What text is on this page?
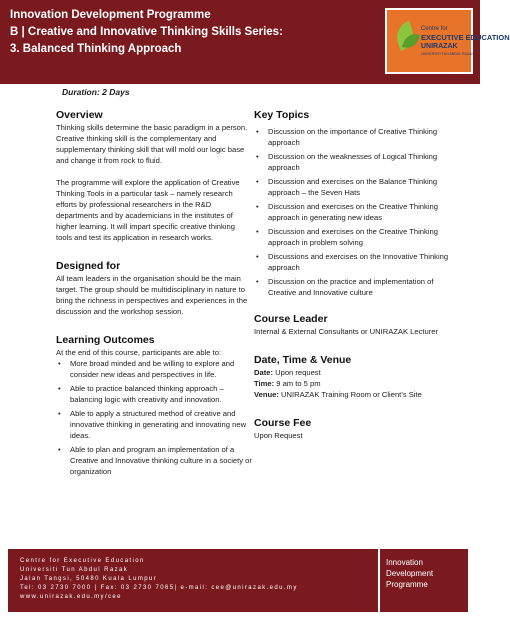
Innovation Development Programme
B | Creative and Innovative Thinking Skills Series:
3. Balanced Thinking Approach
Centre for
EXECUTIVE EDUCATION
UNIRAZAK
UNIVERSITI TUN ABDUL RAZAK
Duration: 2 Days
Overview
Thinking skills determine the basic paradigm in a person. Creative thinking skill is the complementary and supplementary thinking skill that will mold our logic base and change it from rock to fluid.
The programme will explore the application of Creative Thinking Tools in a particular task – namely research efforts by professional researchers in the R&D departments and by academicians in the institutes of higher learning. It will impart specific creative thinking tools and test its application in research works.
Designed for
All team leaders in the organisation should be the main target. The group should be multidisciplinary in nature to bring the richness in perspectives and experiences in the discussion and the workshop session.
Learning Outcomes
At the end of this course, participants are able to:
• More broad minded and be willing to explore and consider new ideas and perspectives in life.
• Able to practice balanced thinking approach – balancing logic with creativity and innovation.
• Able to apply a structured method of creative and innovative thinking in generating and innovating new ideas.
• Able to plan and program an implementation of a Creative and Innovative thinking culture in a society or organization
Key Topics
• Discussion on the importance of Creative Thinking approach
• Discussion on the weaknesses of Logical Thinking approach
• Discussion and exercises on the Balance Thinking approach – the Seven Hats
• Discussion and exercises on the Creative Thinking approach in generating new ideas
• Discussion and exercises on the Creative Thinking approach in problem solving
• Discussions and exercises on the Innovative Thinking approach
• Discussion on the practice and implementation of Creative and Innovative culture
Course Leader
Internal & External Consultants or UNIRAZAK Lecturer
Date, Time & Venue
Date: Upon request
Time: 9 am to 5 pm
Venue: UNIRAZAK Training Room or Client’s Site
Course Fee
Upon Request
Centre for Executive Education
Universiti Tun Abdul Razak
Jalan Tangsi, 50480 Kuala Lumpur
Tel: 03 2730 7000 | Fax: 03 2730 7065| e-mail: cee@unirazak.edu.my
www.unirazak.edu.my/cee
Innovation
Development
Programme
